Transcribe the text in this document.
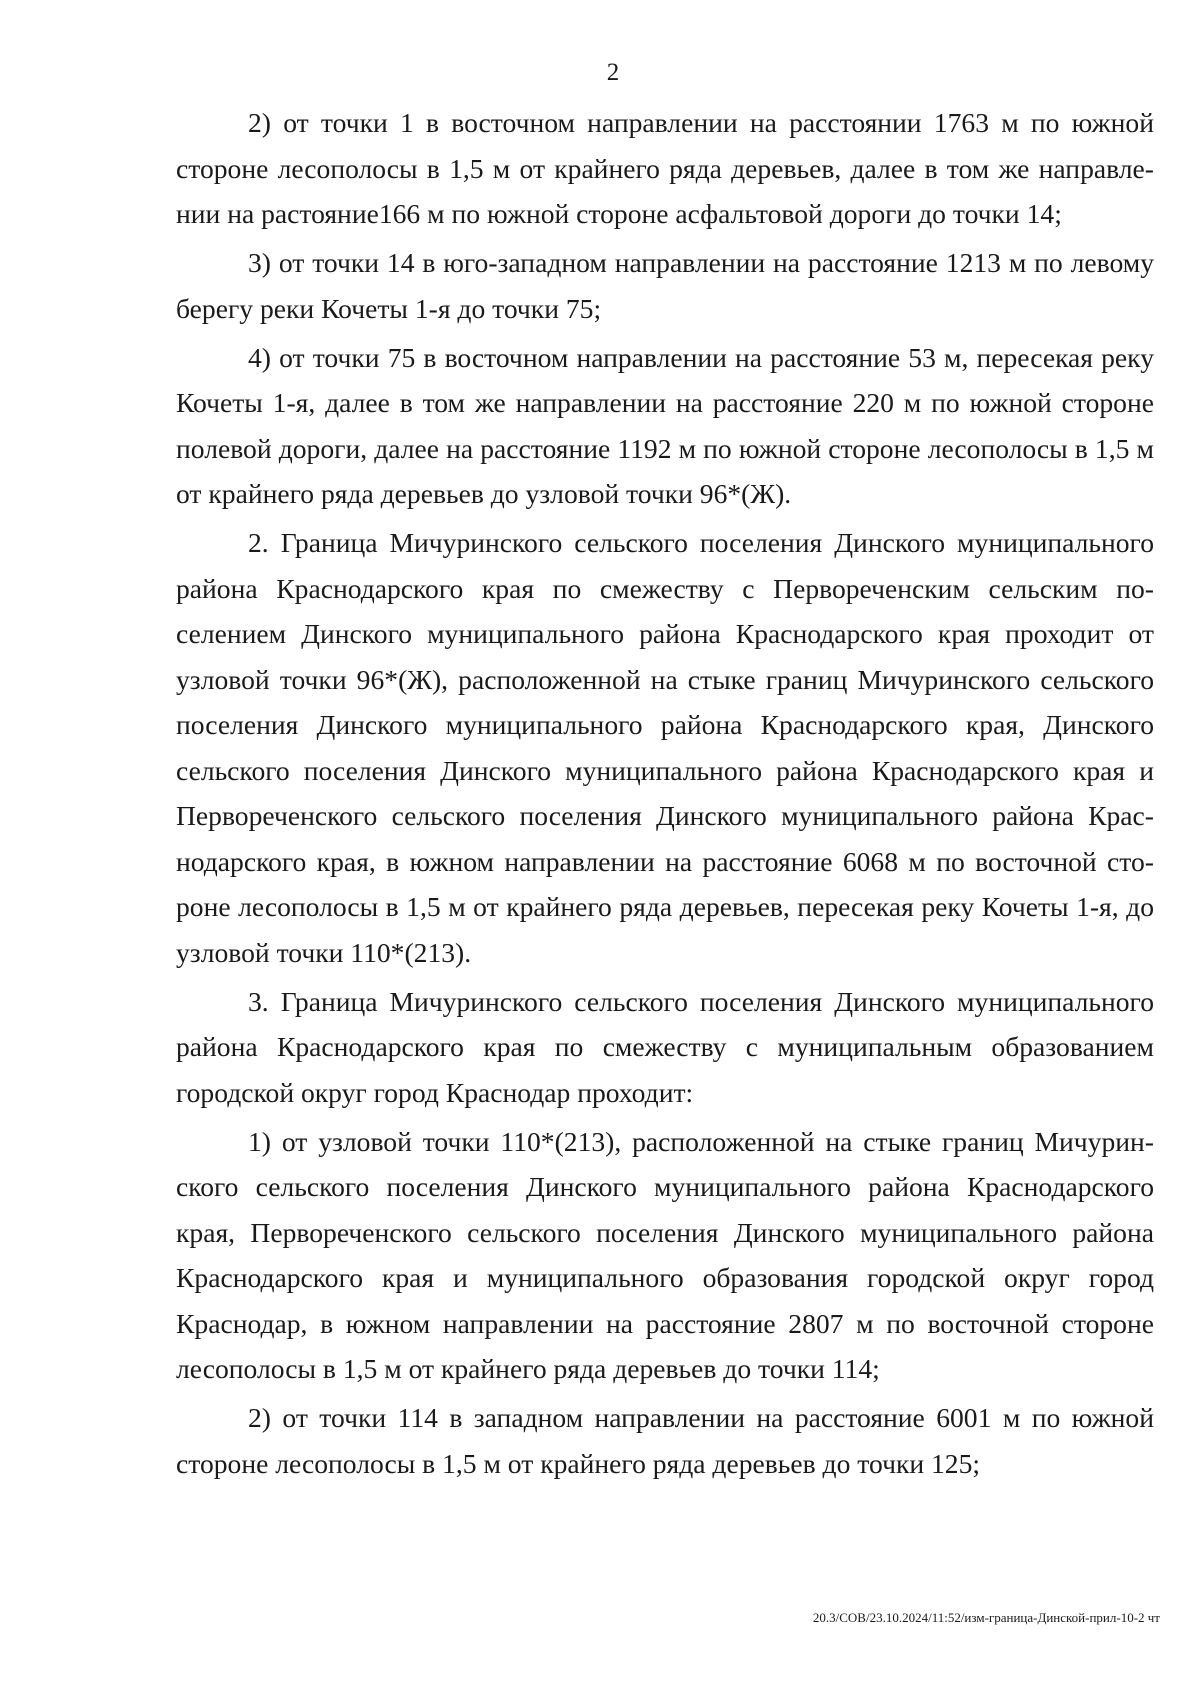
2

2) от точки 1 в восточном направлении на расстоянии 1763 м по южной стороне лесополосы в 1,5 м от крайнего ряда деревьев, далее в том же направлении на растояние166 м по южной стороне асфальтовой дороги до точки 14;

3) от точки 14 в юго-западном направлении на расстояние 1213 м по левому берегу реки Кочеты 1-я до точки 75;

4) от точки 75 в восточном направлении на расстояние 53 м, пересекая реку Кочеты 1-я, далее в том же направлении на расстояние 220 м по южной стороне полевой дороги, далее на расстояние 1192 м по южной стороне лесополосы в 1,5 м от крайнего ряда деревьев до узловой точки 96*(Ж).

2. Граница Мичуринского сельского поселения Динского муниципального района Краснодарского края по смежеству с Первореченским сельским поселением Динского муниципального района Краснодарского края проходит от узловой точки 96*(Ж), расположенной на стыке границ Мичуринского сельского поселения Динского муниципального района Краснодарского края, Динского сельского поселения Динского муниципального района Краснодарского края и Первореченского сельского поселения Динского муниципального района Краснодарского края, в южном направлении на расстояние 6068 м по восточной стороне лесополосы в 1,5 м от крайнего ряда деревьев, пересекая реку Кочеты 1-я, до узловой точки 110*(213).

3. Граница Мичуринского сельского поселения Динского муниципального района Краснодарского края по смежеству с муниципальным образованием городской округ город Краснодар проходит:

1) от узловой точки 110*(213), расположенной на стыке границ Мичуринского сельского поселения Динского муниципального района Краснодарского края, Первореченского сельского поселения Динского муниципального района Краснодарского края и муниципального образования городской округ город Краснодар, в южном направлении на расстояние 2807 м по восточной стороне лесополосы в 1,5 м от крайнего ряда деревьев до точки 114;

2) от точки 114 в западном направлении на расстояние 6001 м по южной стороне лесополосы в 1,5 м от крайнего ряда деревьев до точки 125;

20.3/СОВ/23.10.2024/11:52/изм-граница-Динской-прил-10-2 чт
